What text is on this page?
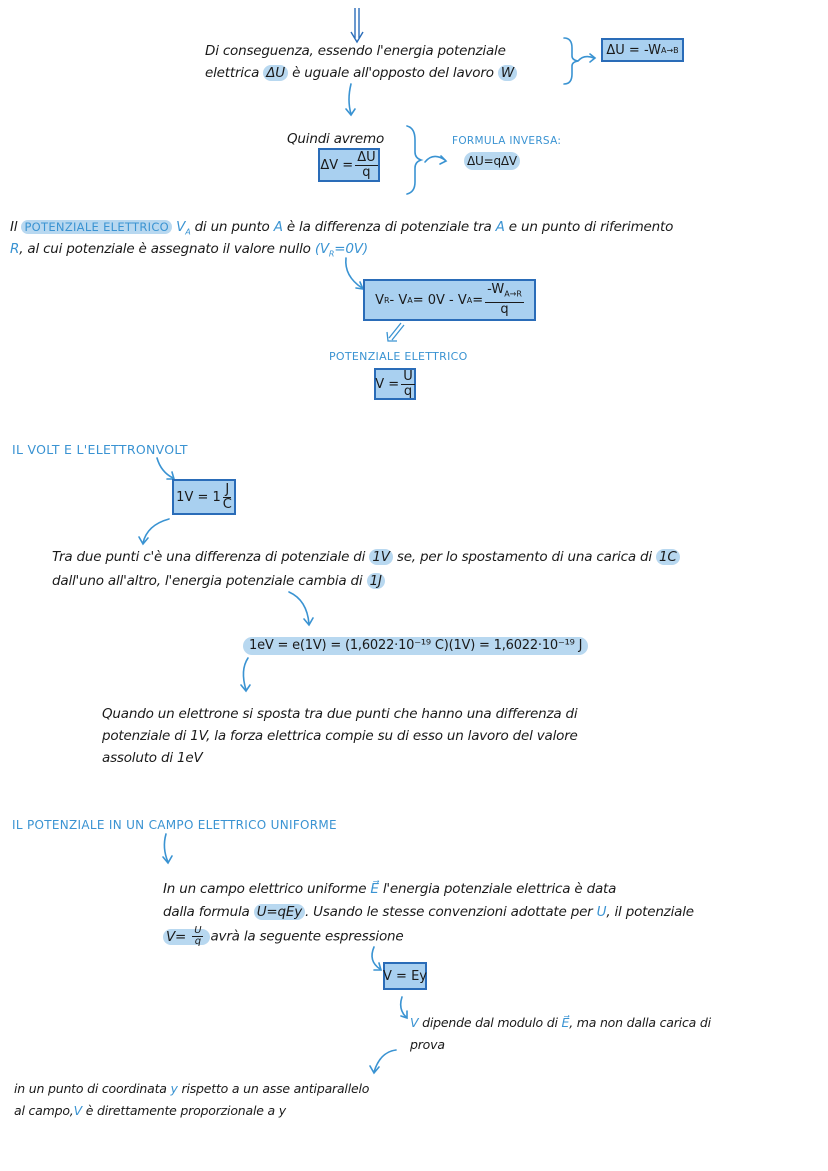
Di conseguenza, essendo l'energia potenziale
elettrica ΔU è uguale all'opposto del lavoro W
ΔU = -W A→B
Quindi avremo
$\Delta V = \frac{\Delta U}{q}$
FORMULA INVERSA:
ΔU=qΔV
Il POTENZIALE ELETTRICO $V_A$ di un punto A è la differenza di potenziale tra A e un punto di riferimento
R, al cui potenziale è assegnato il valore nullo $(V_R=0V)$
V R - V A = 0V - V $A = \frac{-W_{A\to R}}{q}$
POTENZIALE ELETTRICO
$V = \frac{U}{q}$
IL VOLT E L'ELETTRONVOLT
$1V = 1 \frac{J}{C}$
Tra due punti c'è una differenza di potenziale di 1V se, per lo spostamento di una carica di 1C
dall'uno all'altro, l'energia potenziale cambia di 1J
1eV = e(1V) = (1,6022·10⁻¹⁹ C)(1V) = 1,6022·10⁻¹⁹ J
Quando un elettrone si sposta tra due punti che hanno una differenza di
potenziale di 1V, la forza elettrica compie su di esso un lavoro del valore
assoluto di 1eV
IL POTENZIALE IN UN CAMPO ELETTRICO UNIFORME
In un campo elettrico uniforme E⃗ l'energia potenziale elettrica è data
dalla formula U=qEy . Usando le stesse convenzioni adottate per U, il potenziale
$V= \frac{U}{q}$ avrà la seguente espressione
V = Ey
V dipende dal modulo di E⃗, ma non dalla carica di
prova
in un punto di coordinata y rispetto a un asse antiparallelo
al campo,V è direttamente proporzionale a y
